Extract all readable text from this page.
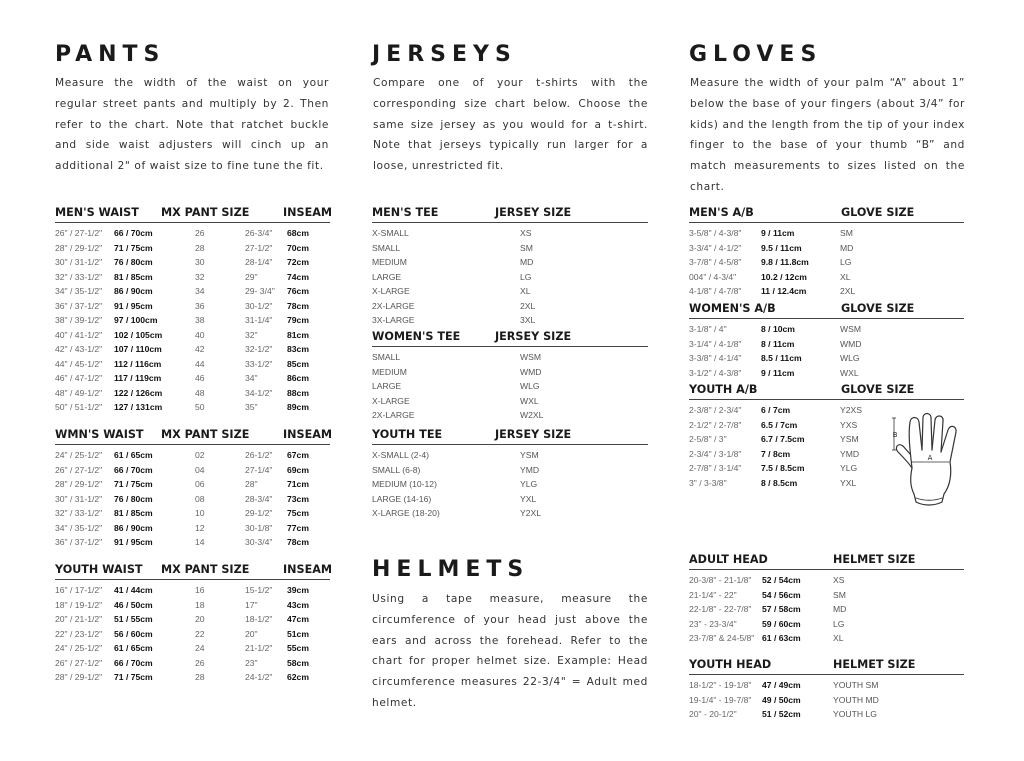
PANTS
Measure the width of the waist on your regular street pants and multiply by 2. Then refer to the chart. Note that ratchet buckle and side waist adjusters will cinch up an additional 2" of waist size to fine tune the fit.
MEN'S WAIST MX PANT SIZE	INSEAM
26" / 27-1/2" 66 / 70cm	26	26-3/4" 68cm
28" / 29-1/2" 71 / 75cm	28	27-1/2" 70cm
30" / 31-1/2" 76 / 80cm	30	28-1/4" 72cm
32" / 33-1/2" 81 / 85cm	32	29"	74cm
34" / 35-1/2" 86 / 90cm	34	29- 3/4" 76cm
36" / 37-1/2" 91 / 95cm	36	30-1/2" 78cm
38" / 39-1/2" 97 / 100cm	38	31-1/4" 79cm
40" / 41-1/2" 102 / 105cm	40	32"	81cm
42" / 43-1/2" 107 / 110cm	42	32-1/2" 83cm
44" / 45-1/2" 112 / 116cm	44	33-1/2" 85cm
46" / 47-1/2" 117 / 119cm	46	34"	86cm
48" / 49-1/2" 122 / 126cm	48	34-1/2" 88cm
50" / 51-1/2" 127 / 131cm	50	35"	89cm
WMN'S WAIST MX PANT SIZE	INSEAM
24" / 25-1/2" 61 / 65cm	02	26-1/2" 67cm
26" / 27-1/2" 66 / 70cm	04	27-1/4" 69cm
28" / 29-1/2" 71 / 75cm	06	28"	71cm
30" / 31-1/2" 76 / 80cm	08	28-3/4" 73cm
32" / 33-1/2" 81 / 85cm	10	29-1/2" 75cm
34" / 35-1/2" 86 / 90cm	12	30-1/8" 77cm
36" / 37-1/2" 91 / 95cm	14	30-3/4" 78cm
YOUTH WAIST MX PANT SIZE	INSEAM
16" / 17-1/2" 41 / 44cm	16	15-1/2" 39cm
18" / 19-1/2" 46 / 50cm	18	17"	43cm
20" / 21-1/2" 51 / 55cm	20	18-1/2" 47cm
22" / 23-1/2" 56 / 60cm	22	20"	51cm
24" / 25-1/2" 61 / 65cm	24	21-1/2" 55cm
26" / 27-1/2" 66 / 70cm	26	23"	58cm
28" / 29-1/2" 71 / 75cm	28	24-1/2" 62cm
JERSEYS
Compare one of your t-shirts with the corresponding size chart below. Choose the same size jersey as you would for a t-shirt. Note that jerseys typically run larger for a loose, unrestricted fit.
MEN'S TEE	JERSEY SIZE
X-SMALL	XS
SMALL	SM
MEDIUM	MD
LARGE	LG
X-LARGE	XL
2X-LARGE	2XL
3X-LARGE	3XL
WOMEN'S TEE	JERSEY SIZE
SMALL	WSM
MEDIUM	WMD
LARGE	WLG
X-LARGE	WXL
2X-LARGE	W2XL
YOUTH TEE	JERSEY SIZE
X-SMALL (2-4)	YSM
SMALL (6-8)	YMD
MEDIUM (10-12)	YLG
LARGE (14-16)	YXL
X-LARGE (18-20)	Y2XL
HELMETS
Using a tape measure, measure the circumference of your head just above the ears and across the forehead. Refer to the chart for proper helmet size. Example: Head circumference measures 22-3/4" = Adult med helmet.
GLOVES
Measure the width of your palm “A” about 1” below the base of your fingers (about 3/4” for kids) and the length from the tip of your index finger to the base of your thumb “B” and match measurements to sizes listed on the chart.
MEN'S A/B	GLOVE SIZE
3-5/8" / 4-3/8" 9 / 11cm	SM
3-3/4" / 4-1/2" 9.5 / 11cm	MD
3-7/8" / 4-5/8" 9.8 / 11.8cm	LG
004" / 4-3/4"	10.2 / 12cm	XL
4-1/8" / 4-7/8" 11 / 12.4cm	2XL
WOMEN'S A/B	GLOVE SIZE
3-1/8" / 4"	8 / 10cm	WSM
3-1/4" / 4-1/8" 8 / 11cm	WMD
3-3/8" / 4-1/4" 8.5 / 11cm	WLG
3-1/2" / 4-3/8" 9 / 11cm	WXL
YOUTH A/B	GLOVE SIZE
2-3/8" / 2-3/4" 6 / 7cm	Y2XS
2-1/2" / 2-7/8" 6.5 / 7cm	YXS
2-5/8" / 3"	6.7 / 7.5cm	YSM
2-3/4" / 3-1/8" 7 / 8cm	YMD
2-7/8" / 3-1/4" 7.5 / 8.5cm	YLG
3" / 3-3/8"	8 / 8.5cm	YXL
ADULT HEAD	HELMET SIZE
20-3/8" - 21-1/8" 52 / 54cm	XS
21-1/4" - 22"	54 / 56cm	SM
22-1/8" - 22-7/8" 57 / 58cm	MD
23" - 23-3/4"	59 / 60cm	LG
23-7/8" & 24-5/8" 61 / 63cm	XL
YOUTH HEAD	HELMET SIZE
18-1/2" - 19-1/8" 47 / 49cm	YOUTH SM
19-1/4" - 19-7/8" 49 / 50cm	YOUTH MD
20" - 20-1/2"	51 / 52cm	YOUTH LG
A
B
